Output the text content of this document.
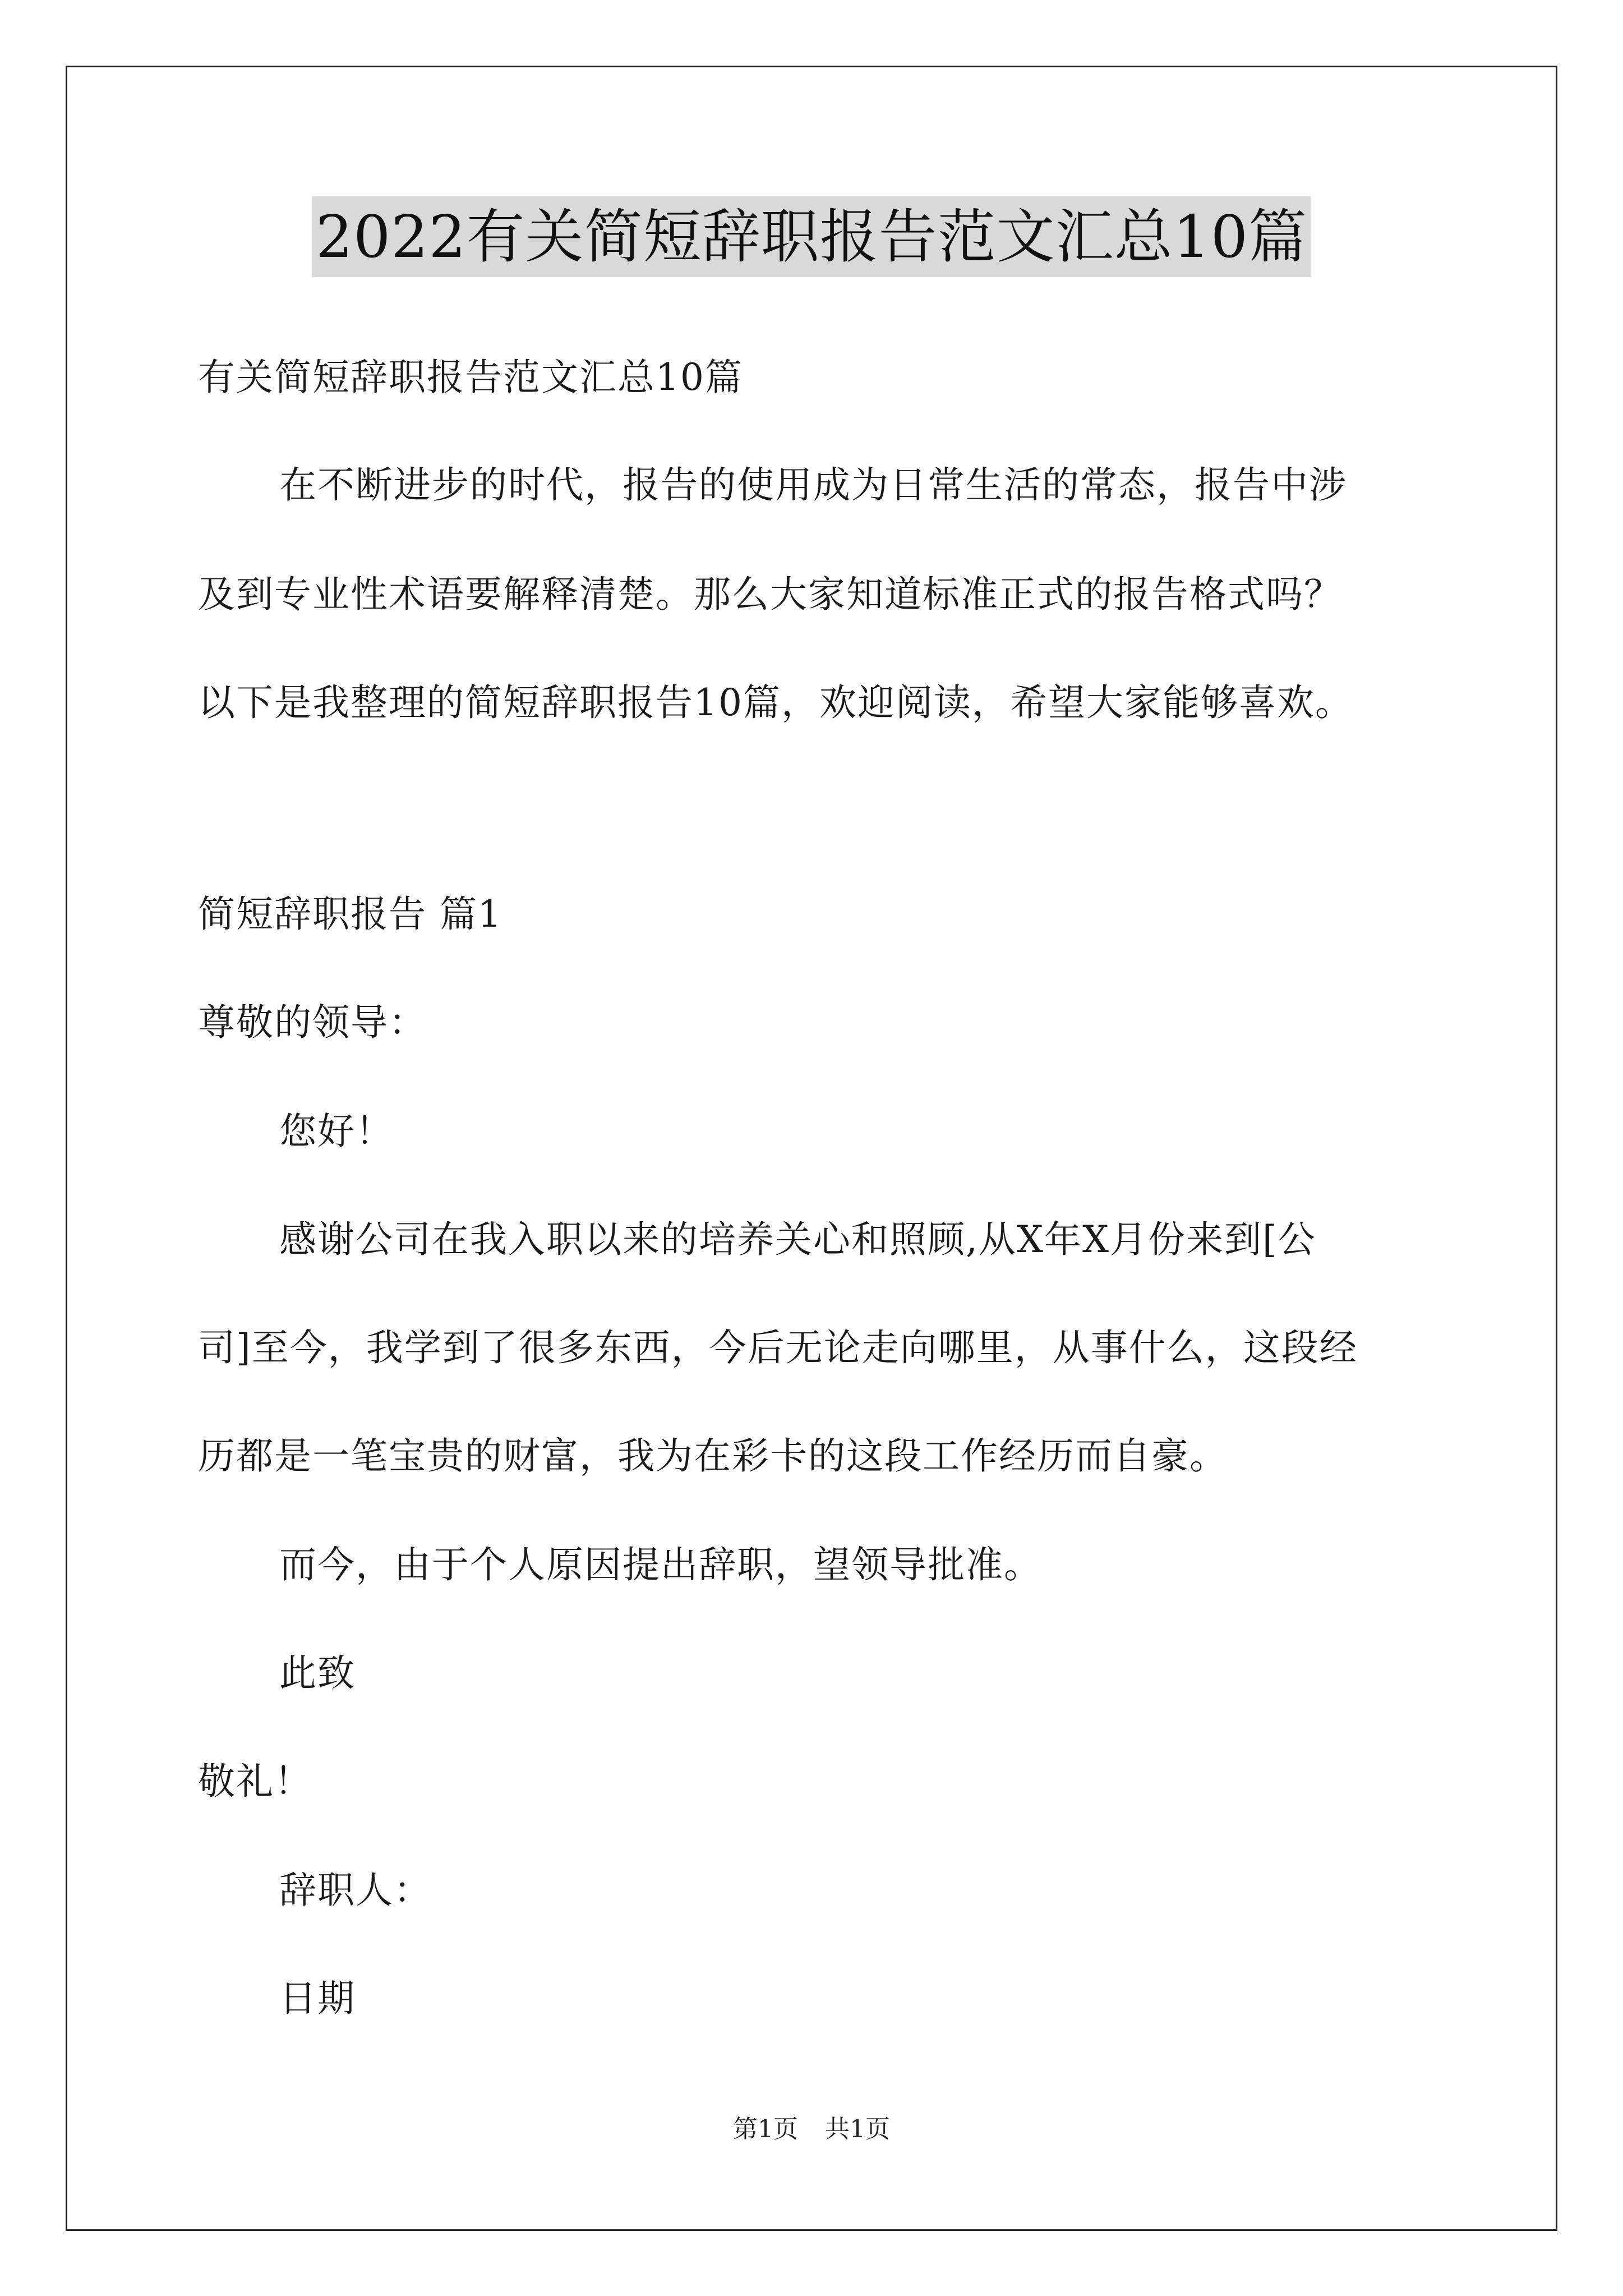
2022有关简短辞职报告范文汇总10篇
有关简短辞职报告范文汇总10篇
在不断进步的时代，报告的使用成为日常生活的常态，报告中涉
及到专业性术语要解释清楚。那么大家知道标准正式的报告格式吗？
以下是我整理的简短辞职报告10篇，欢迎阅读，希望大家能够喜欢。
简短辞职报告 篇1
尊敬的领导：
您好！
感谢公司在我入职以来的培养关心和照顾,从X年X月份来到[公
司]至今，我学到了很多东西，今后无论走向哪里，从事什么，这段经
历都是一笔宝贵的财富，我为在彩卡的这段工作经历而自豪。
而今，由于个人原因提出辞职，望领导批准。
此致
敬礼！
辞职人：
日期
第1页 共1页
